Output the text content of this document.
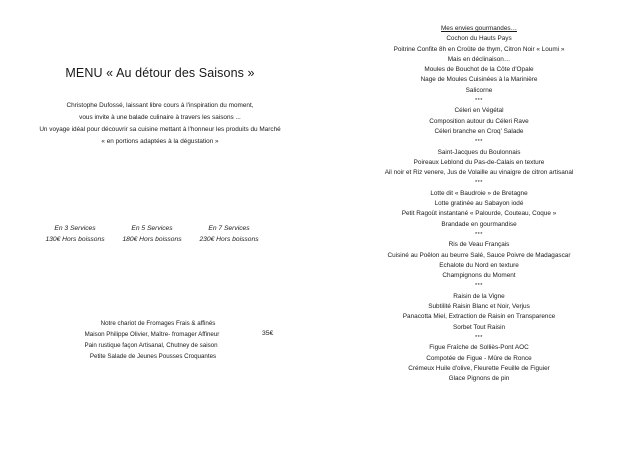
MENU « Au détour des Saisons »
Christophe Dufossé, laissant libre cours à l'inspiration du moment,
vous invite à une balade culinaire à travers les saisons ...
Un voyage idéal pour découvrir sa cuisine mettant à l'honneur les produits du Marché
« en portions adaptées à la dégustation »
En 3 Services
130€ Hors boissons
En 5 Services
180€ Hors boissons
En 7 Services
230€ Hors boissons
Notre chariot de Fromages Frais & affinés
Maison Philippe Olivier, Maître- fromager Affineur
Pain rustique façon Artisanal, Chutney de saison
Petite Salade de Jeunes Pousses Croquantes
35€
Mes envies gourmandes…
Cochon du Hauts Pays
Poitrine Confite 8h en Croûte de thym, Citron Noir « Loumi »
Mais en déclinaison…
Moules de Bouchot de la Côte d'Opale
Nage de Moules Cuisinées à la Marinière
Salicorne
***
Céleri en Végétal
Composition autour du Céleri Rave
Céleri branche en Croq' Salade
***
Saint-Jacques du Boulonnais
Poireaux Leblond du Pas-de-Calais en texture
Ail noir et Riz venere, Jus de Volaille au vinaigre de citron artisanal
***
Lotte dit « Baudroie » de Bretagne
Lotte gratinée au Sabayon iodé
Petit Ragoût instantané « Palourde, Couteau, Coque »
Brandade en gourmandise
***
Ris de Veau Français
Cuisiné au Poêlon au beurre Salé, Sauce Poivre de Madagascar
Echalote du Nord en texture
Champignons du Moment
***
Raisin de la Vigne
Subtilité Raisin Blanc et Noir, Verjus
Panacotta Miel, Extraction de Raisin en Transparence
Sorbet Tout Raisin
***
Figue Fraîche de Solliès-Pont AOC
Compotée de Figue - Mûre de Ronce
Crémeux Huile d'olive, Fleurette Feuille de Figuier
Glace Pignons de pin
